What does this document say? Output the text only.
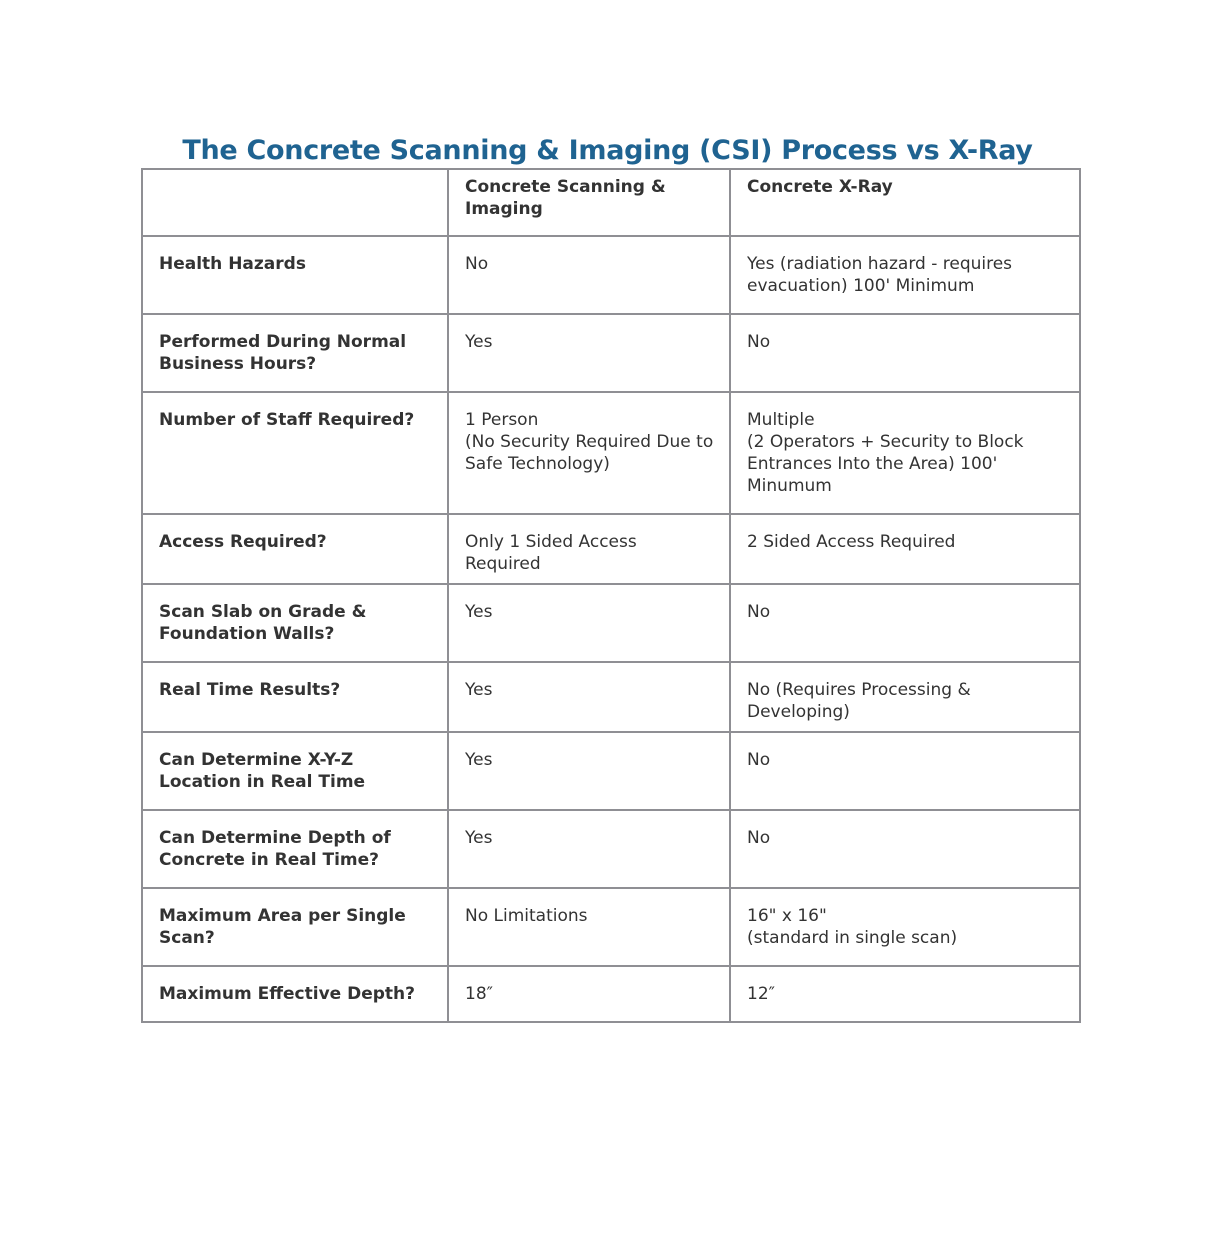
The Concrete Scanning & Imaging (CSI) Process vs X-Ray

	Concrete Scanning &
Imaging	Concrete X-Ray

Health Hazards	No	Yes (radiation hazard - requires
evacuation) 100' Minimum

Performed During Normal
Business Hours?	Yes	No

Number of Staff Required?	1 Person
(No Security Required Due to
Safe Technology)	Multiple
(2 Operators + Security to Block
Entrances Into the Area) 100'
Minumum

Access Required?	Only 1 Sided Access Required	2 Sided Access Required

Scan Slab on Grade &
Foundation Walls?	Yes	No

Real Time Results?	Yes	No (Requires Processing & Developing)

Can Determine X-Y-Z
Location in Real Time	Yes	No

Can Determine Depth of
Concrete in Real Time?	Yes	No

Maximum Area per Single
Scan?	No Limitations	16" x 16"
(standard in single scan)

Maximum Effective Depth?	18″	12″
